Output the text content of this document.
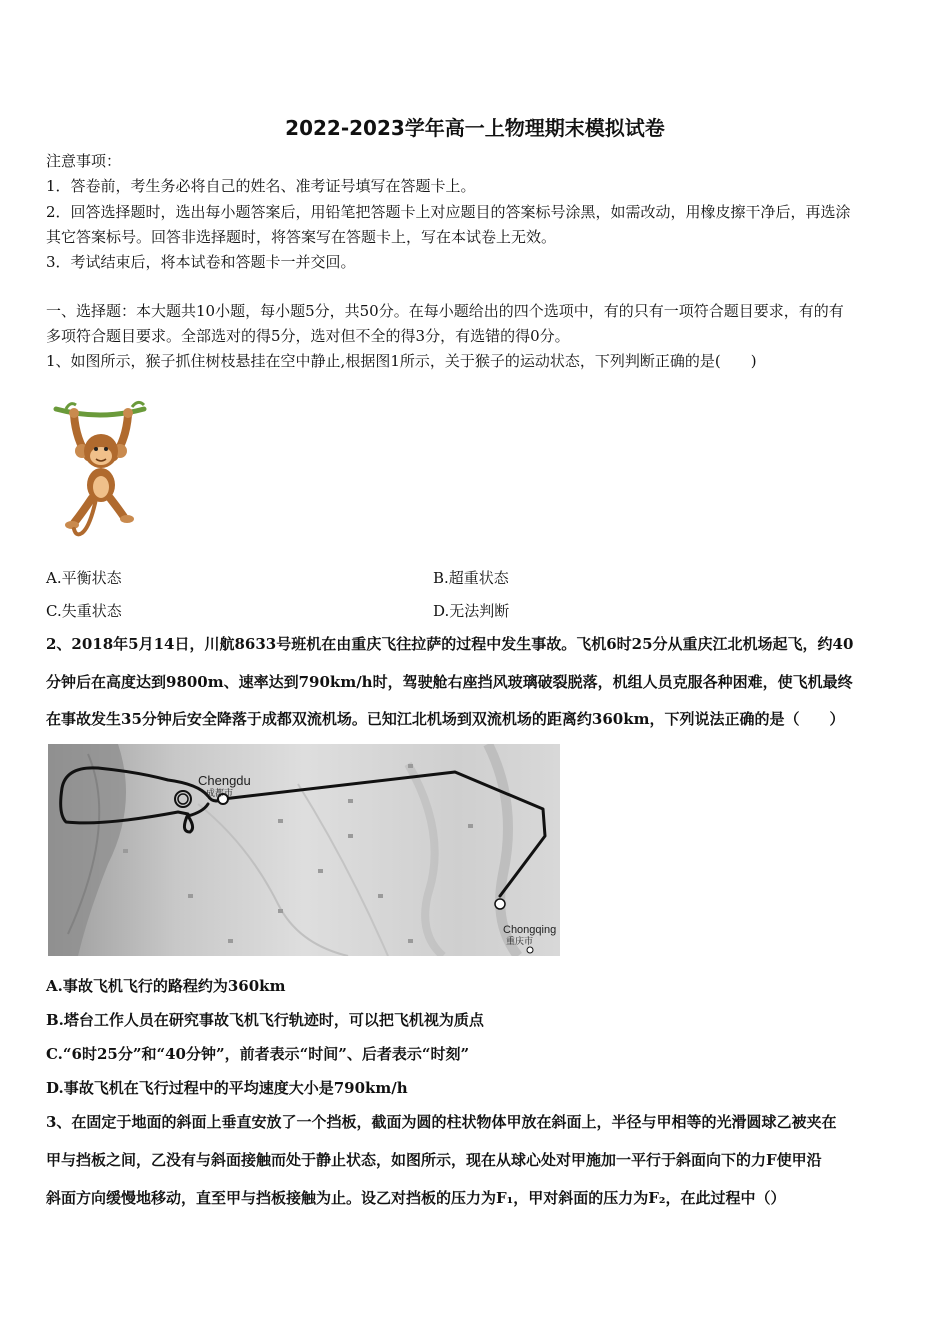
2022-2023学年高一上物理期末模拟试卷
注意事项：
1．答卷前，考生务必将自己的姓名、准考证号填写在答题卡上。
2．回答选择题时，选出每小题答案后，用铅笔把答题卡上对应题目的答案标号涂黑，如需改动，用橡皮擦干净后，再选涂
其它答案标号。回答非选择题时，将答案写在答题卡上，写在本试卷上无效。
3．考试结束后，将本试卷和答题卡一并交回。
一、选择题：本大题共10小题，每小题5分，共50分。在每小题给出的四个选项中，有的只有一项符合题目要求，有的有
多项符合题目要求。全部选对的得5分，选对但不全的得3分，有选错的得0分。
1、如图所示，猴子抓住树枝悬挂在空中静止,根据图1所示，关于猴子的运动状态，下列判断正确的是(　　)
A.平衡状态	B.超重状态
C.失重状态	D.无法判断
2、2018年5月14日，川航8633号班机在由重庆飞往拉萨的过程中发生事故。飞机6时25分从重庆江北机场起飞，约40
分钟后在高度达到9800m、速率达到790km/h时，驾驶舱右座挡风玻璃破裂脱落，机组人员克服各种困难，使飞机最终
在事故发生35分钟后安全降落于成都双流机场。已知江北机场到双流机场的距离约360km，下列说法正确的是（　　）
Chengdu
成都市
Chongqing
重庆市
A.事故飞机飞行的路程约为360km
B.塔台工作人员在研究事故飞机飞行轨迹时，可以把飞机视为质点
C.“6时25分”和“40分钟”，前者表示“时间”、后者表示“时刻”
D.事故飞机在飞行过程中的平均速度大小是790km/h
3、在固定于地面的斜面上垂直安放了一个挡板，截面为圆的柱状物体甲放在斜面上，半径与甲相等的光滑圆球乙被夹在
甲与挡板之间，乙没有与斜面接触而处于静止状态，如图所示，现在从球心处对甲施加一平行于斜面向下的力F使甲沿
斜面方向缓慢地移动，直至甲与挡板接触为止。设乙对挡板的压力为F₁，甲对斜面的压力为F₂，在此过程中（）
